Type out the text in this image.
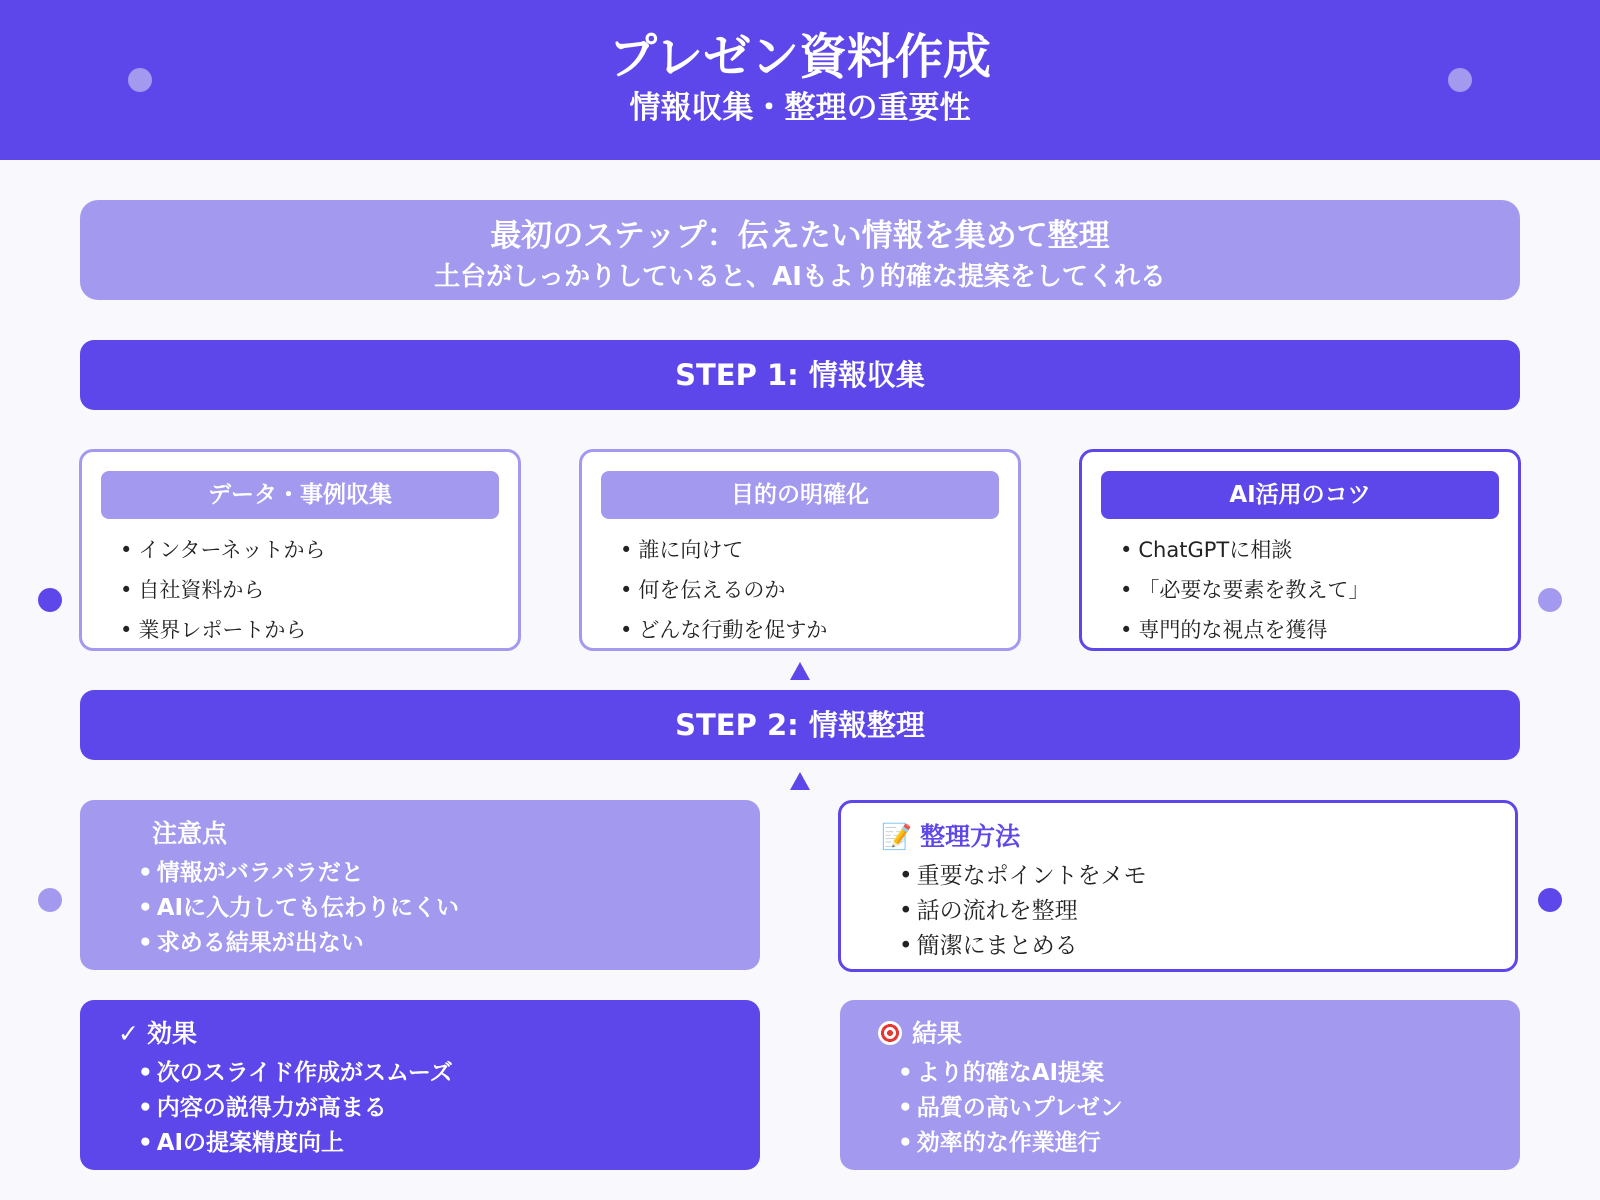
プレゼン資料作成
情報収集・整理の重要性
最初のステップ：伝えたい情報を集めて整理
土台がしっかりしていると、AIもより的確な提案をしてくれる
STEP 1: 情報収集
データ・事例収集
• インターネットから
• 自社資料から
• 業界レポートから
目的の明確化
• 誰に向けて
• 何を伝えるのか
• どんな行動を促すか
AI活用のコツ
• ChatGPTに相談
• 「必要な要素を教えて」
• 専門的な視点を獲得
STEP 2: 情報整理
注意点
• 情報がバラバラだと
• AIに入力しても伝わりにくい
• 求める結果が出ない
📝 整理方法
• 重要なポイントをメモ
• 話の流れを整理
• 簡潔にまとめる
✓ 効果
• 次のスライド作成がスムーズ
• 内容の説得力が高まる
• AIの提案精度向上
結果
• より的確なAI提案
• 品質の高いプレゼン
• 効率的な作業進行
